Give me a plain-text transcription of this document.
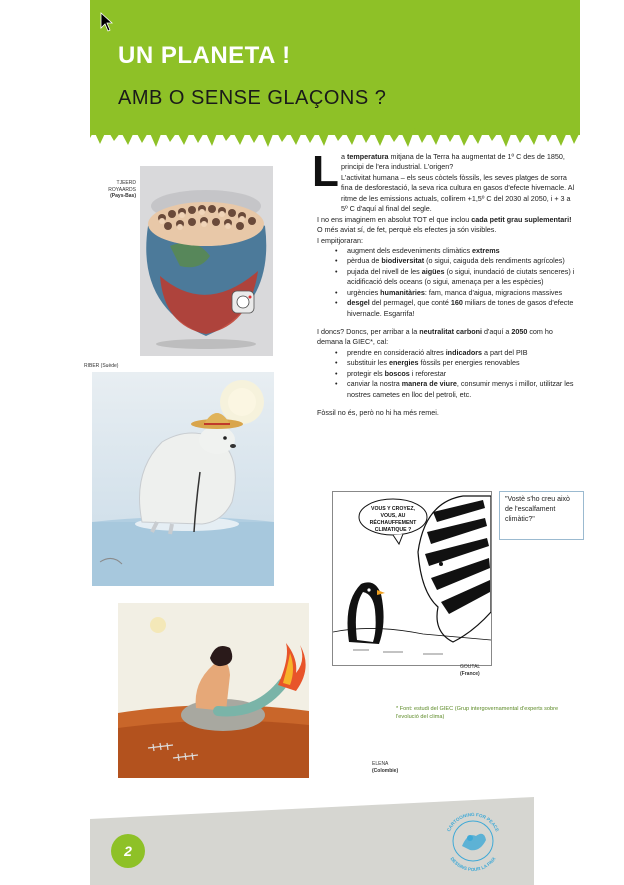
UN PLANETA !
AMB O SENSE GLAÇONS ?
TJEERD ROYAARDS
(Pays-Bas)
RIBER (Suède)
ELENA
(Colombie)
VOUS Y CROYEZ,
VOUS, AU
RÉCHAUFFEMENT
CLIMATIQUE ?
GOUTAL
(France)
L a temperatura mitjana de la Terra ha augmentat de 1º C des de 1850, principi de l'era industrial. L'origen?

L'activitat humana – els seus còctels fòssils, les seves platges de sorra fina de desforestació, la seva rica cultura en gasos d'efecte hivernacle. Al ritme de les emissions actuals, collirem +1,5º C del 2030 al 2050, i + 3 a 5º C d'aquí al final del segle.

I no ens imaginem en absolut TOT el que inclou cada petit grau suplementari!

O més aviat sí, de fet, perquè els efectes ja són visibles.

I empitjoraran:

• augment dels esdeveniments climàtics extrems
• pèrdua de biodiversitat (o sigui, caiguda dels rendiments agrícoles)
• pujada del nivell de les aigües (o sigui, inundació de ciutats senceres) i acidificació dels oceans (o sigui, amenaça per a les espècies)
• urgències humanitàries: fam, manca d'aigua, migracions massives
• desgel del permagel, que conté 160 miliars de tones de gasos d'efecte hivernacle. Esgarrifa!

I doncs? Doncs, per arribar a la neutralitat carboni d'aquí a 2050 com ho demana la GIEC*, cal:

• prendre en consideració altres indicadors a part del PIB
• substituir les energies fòssils per energies renovables
• protegir els boscos i reforestar
• canviar la nostra manera de viure, consumir menys i millor, utilitzar les nostres cametes en lloc del petroli, etc.

Fòssil no és, però no hi ha més remei.

"Vostè s'ho creu això de l'escalfament climàtic?"
* Font: estudi del GIEC (Grup intergovernamental d'experts sobre l'evolució del clima)
2
CARTOONING FOR PEACE
DESSINS POUR LA PAIX
